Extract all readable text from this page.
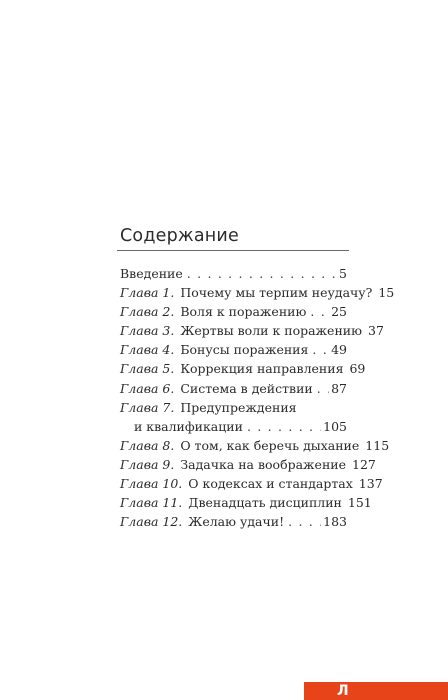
Содержание
Введение . . .	5
Глава 1. Почему мы терпим неудачу? 15
Глава 2. Воля к поражению . . . 25
Глава 3. Жертвы воли к поражению 37
Глава 4. Бонусы поражения . . . 49
Глава 5. Коррекция направления 69
Глава 6. Система в действии . . . 87
Глава 7. Предупреждения
и квалификации . . .	105
Глава 8. О том, как беречь дыхание 115
Глава 9. Задачка на воображение 127
Глава 10. О кодексах и стандартах 137
Глава 11. Двенадцать дисциплин 151
Глава 12. Желаю удачи! . . .	183
Л
